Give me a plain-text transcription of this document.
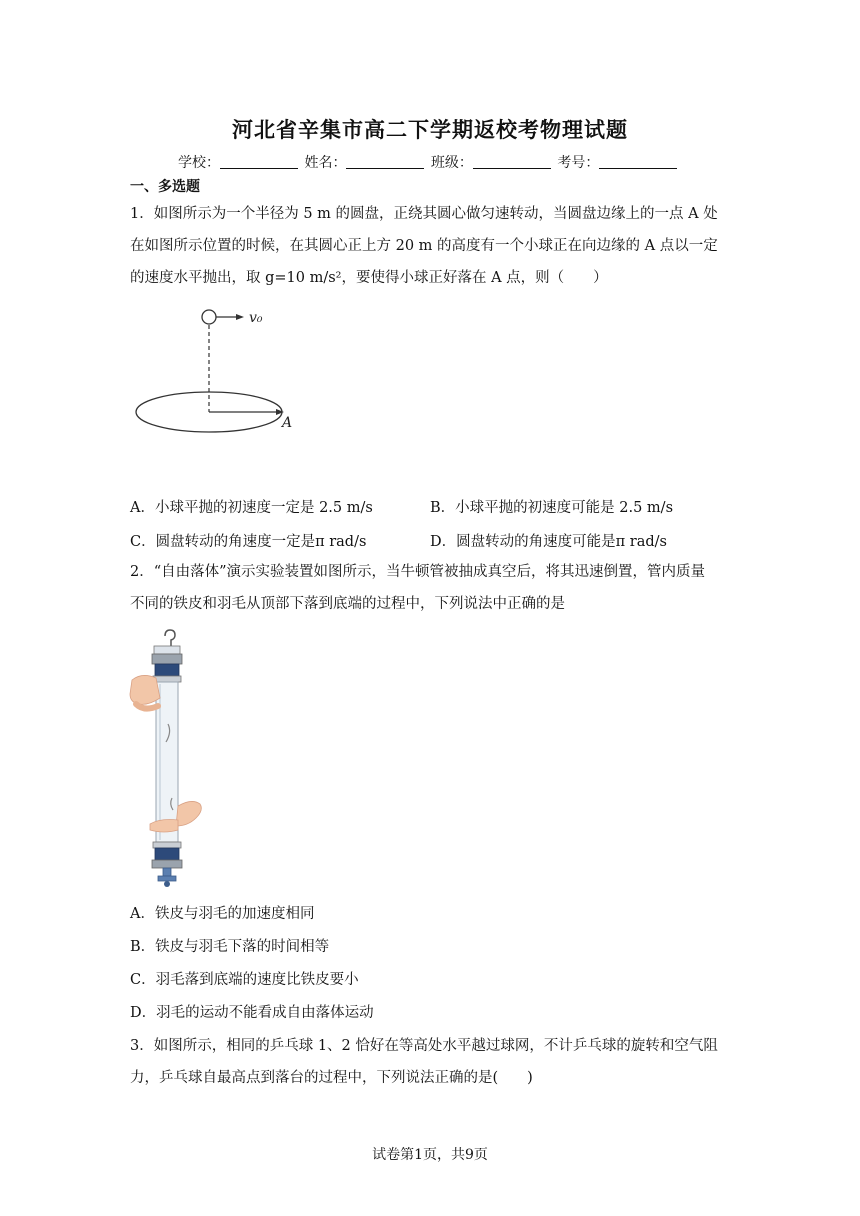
河北省辛集市高二下学期返校考物理试题
学校：	姓名：	班级：	考号：
一、多选题
1．如图所示为一个半径为 5 m 的圆盘，正绕其圆心做匀速转动，当圆盘边缘上的一点 A 处
在如图所示位置的时候，在其圆心正上方 20 m 的高度有一个小球正在向边缘的 A 点以一定
的速度水平抛出，取 g=10 m/s²，要使得小球正好落在 A 点，则（　　）
v₀
A
A．小球平抛的初速度一定是 2.5 m/s	B．小球平抛的初速度可能是 2.5 m/s
C．圆盘转动的角速度一定是π rad/s	D．圆盘转动的角速度可能是π rad/s
2．“自由落体”演示实验装置如图所示，当牛顿管被抽成真空后，将其迅速倒置，管内质量
不同的铁皮和羽毛从顶部下落到底端的过程中，下列说法中正确的是
A．铁皮与羽毛的加速度相同
B．铁皮与羽毛下落的时间相等
C．羽毛落到底端的速度比铁皮要小
D．羽毛的运动不能看成自由落体运动
3．如图所示，相同的乒乓球 1、2 恰好在等高处水平越过球网，不计乒乓球的旋转和空气阻
力，乒乓球自最高点到落台的过程中，下列说法正确的是(　　)
试卷第1页，共9页
